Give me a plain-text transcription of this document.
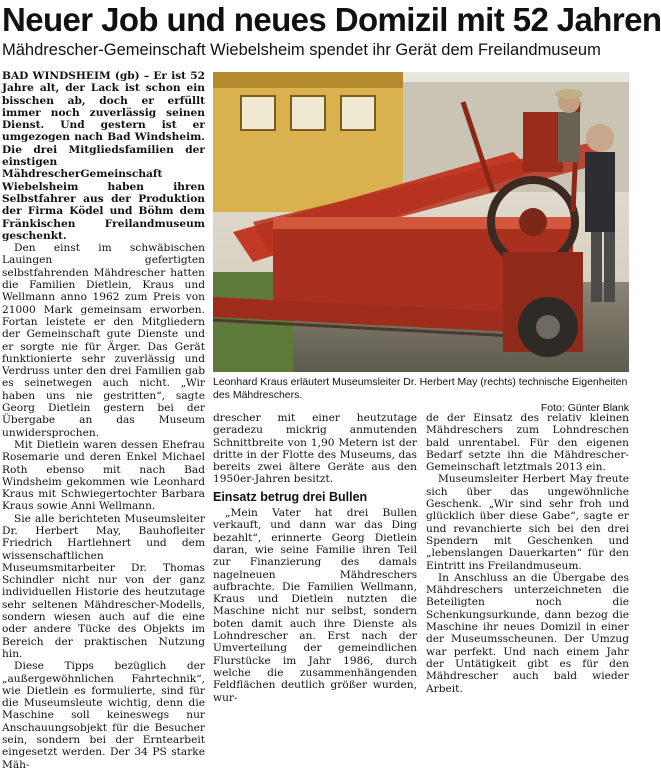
Neuer Job und neues Domizil mit 52 Jahren
Mähdrescher-Gemeinschaft Wiebelsheim spendet ihr Gerät dem Freilandmuseum

BAD WINDSHEIM (gb) – Er ist 52 Jahre alt, der Lack ist schon ein bisschen ab, doch er erfüllt immer noch zuverlässig seinen Dienst. Und gestern ist er umgezogen nach Bad Windsheim. Die drei Mitgliedsfamilien der einstigen MähdrescherGemeinschaft Wiebelsheim haben ihren Selbstfahrer aus der Produktion der Firma Ködel und Böhm dem Fränkischen Freilandmuseum geschenkt.

Den einst im schwäbischen Lauingen gefertigten selbstfahrenden Mähdrescher hatten die Familien Dietlein, Kraus und Wellmann anno 1962 zum Preis von 21000 Mark gemeinsam erworben. Fortan leistete er den Mitgliedern der Gemeinschaft gute Dienste und er sorgte nie für Ärger. Das Gerät funktionierte sehr zuverlässig und Verdruss unter den drei Familien gab es seinetwegen auch nicht. „Wir haben uns nie gestritten“, sagte Georg Dietlein gestern bei der Übergabe an das Museum unwidersprochen.

Mit Dietlein waren dessen Ehefrau Rosemarie und deren Enkel Michael Roth ebenso mit nach Bad Windsheim gekommen wie Leonhard Kraus mit Schwiegertochter Barbara Kraus sowie Anni Wellmann.

Sie alle berichteten Museumsleiter Dr. Herbert May, Bauhofleiter Friedrich Hartlehnert und dem wissenschaftlichen Museumsmitarbeiter Dr. Thomas Schindler nicht nur von der ganz individuellen Historie des heutzutage sehr seltenen Mähdrescher-Modells, sondern wiesen auch auf die eine oder andere Tücke des Objekts im Bereich der praktischen Nutzung hin.

Diese Tipps bezüglich der „außergewöhnlichen Fahrtechnik“, wie Dietlein es formulierte, sind für die Museumsleute wichtig, denn die Maschine soll keineswegs nur Anschauungsobjekt für die Besucher sein, sondern bei der Erntearbeit eingesetzt werden. Der 34 PS starke Mäh-

Leonhard Kraus erläutert Museumsleiter Dr. Herbert May (rechts) technische Eigenheiten des Mähdreschers.
Foto: Günter Blank

drescher mit einer heutzutage geradezu mickrig anmutenden Schnittbreite von 1,90 Metern ist der dritte in der Flotte des Museums, das bereits zwei ältere Geräte aus den 1950er-Jahren besitzt.

Einsatz betrug drei Bullen

„Mein Vater hat drei Bullen verkauft, und dann war das Ding bezahlt“, erinnerte Georg Dietlein daran, wie seine Familie ihren Teil zur Finanzierung des damals nagelneuen Mähdreschers aufbrachte. Die Familien Wellmann, Kraus und Dietlein nutzten die Maschine nicht nur selbst, sondern boten damit auch ihre Dienste als Lohndrescher an. Erst nach der Umverteilung der gemeindlichen Flurstücke im Jahr 1986, durch welche die zusammenhängenden Feldflächen deutlich größer wurden, wur-

de der Einsatz des relativ kleinen Mähdreschers zum Lohndreschen bald unrentabel. Für den eigenen Bedarf setzte ihn die Mähdrescher-Gemeinschaft letztmals 2013 ein.

Museumsleiter Herbert May freute sich über das ungewöhnliche Geschenk. „Wir sind sehr froh und glücklich über diese Gabe“, sagte er und revanchierte sich bei den drei Spendern mit Geschenken und „lebenslangen Dauerkarten“ für den Eintritt ins Freilandmuseum.

In Anschluss an die Übergabe des Mähdreschers unterzeichneten die Beteiligten noch die Schenkungsurkunde, dann bezog die Maschine ihr neues Domizil in einer der Museumsscheunen. Der Umzug war perfekt. Und nach einem Jahr der Untätigkeit gibt es für den Mähdrescher auch bald wieder Arbeit.
